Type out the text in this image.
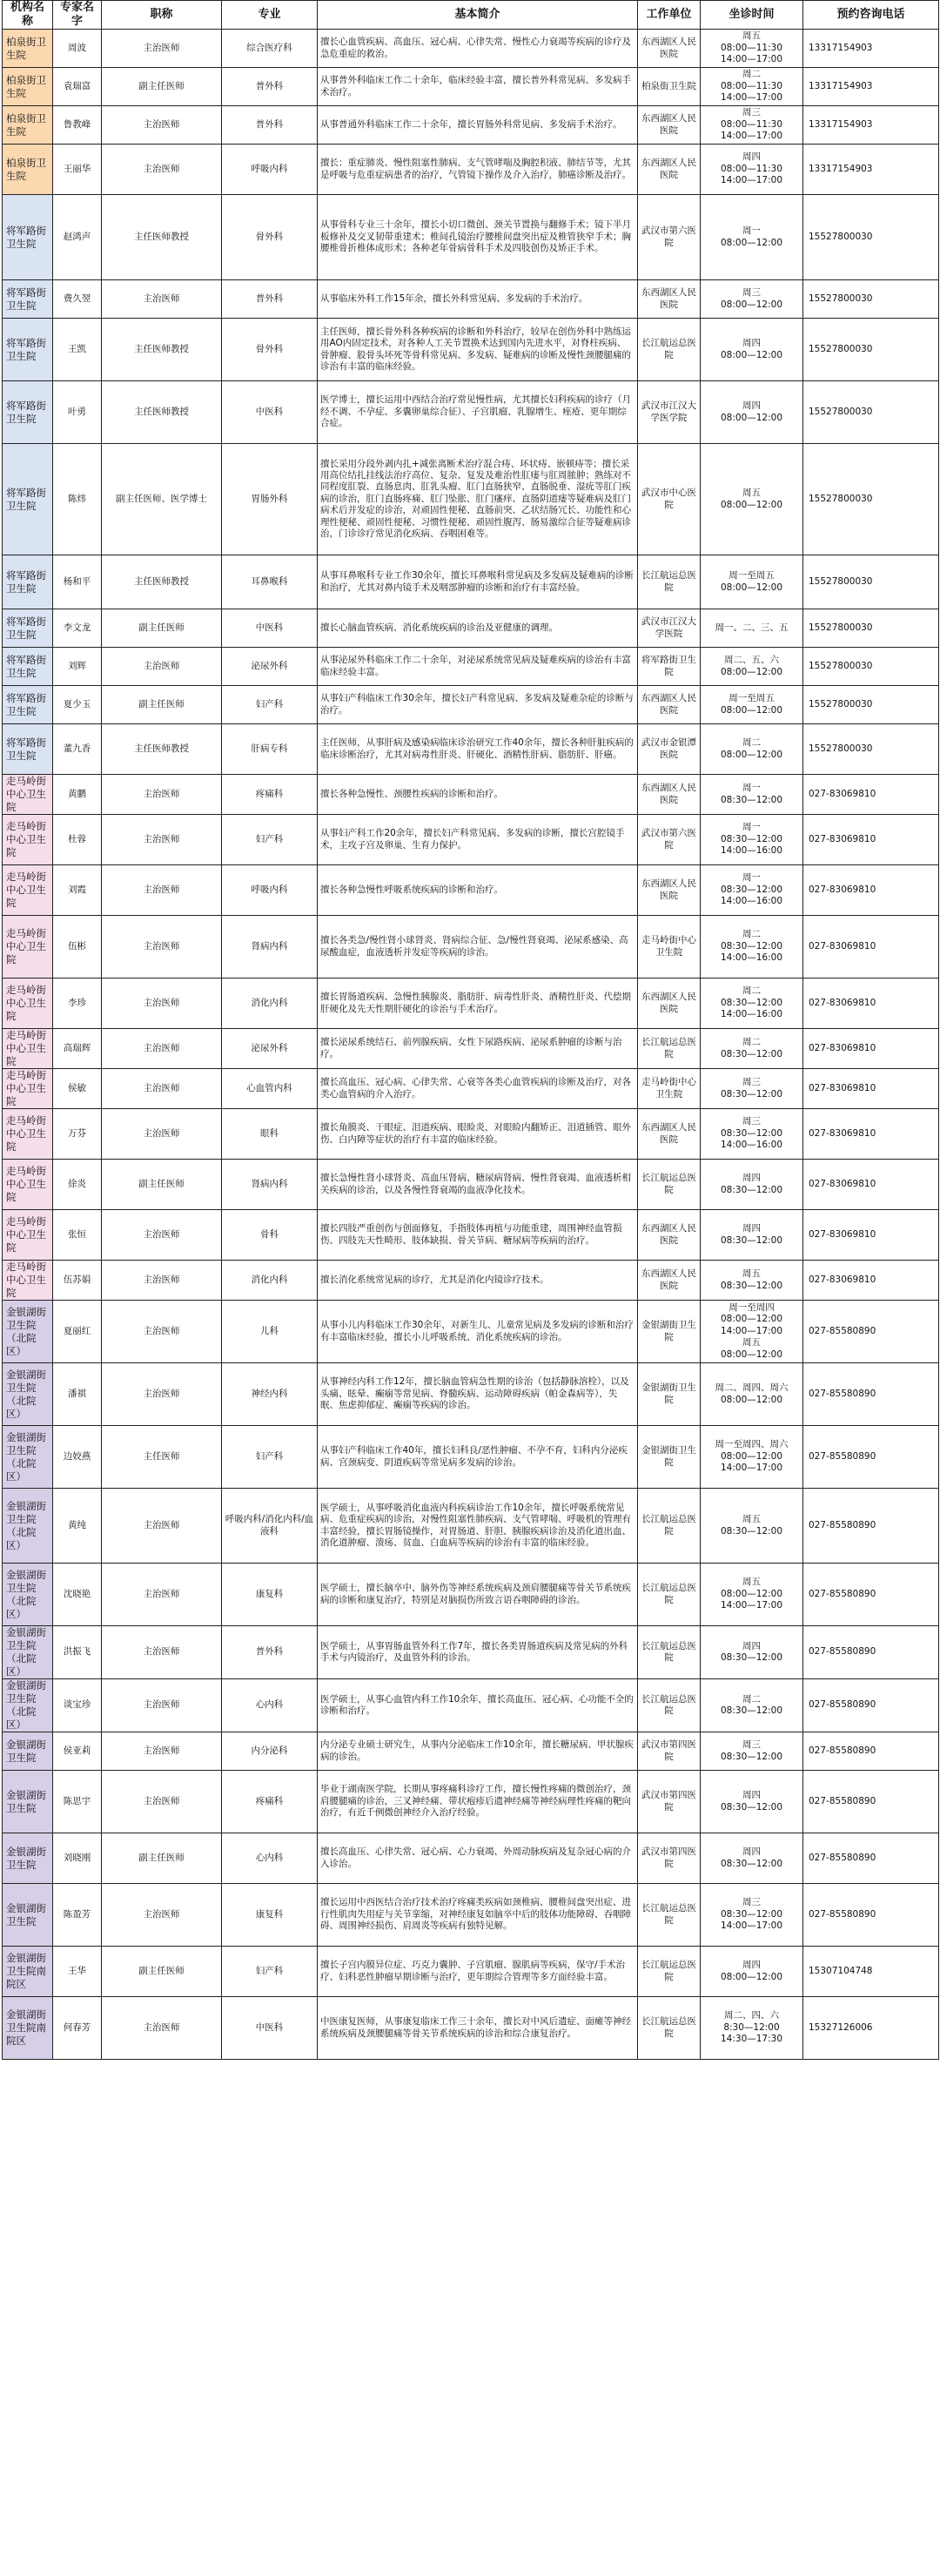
机构名称	专家名字	职称	专业	基本简介	工作单位	坐诊时间	预约咨询电话
柏泉街卫生院	周波	主治医师	综合医疗科	擅长心血管疾病、高血压、冠心病、心律失常、慢性心力衰竭等疾病的诊疗及急危重症的救治。	东西湖区人民医院	周五
08:00—11:30
14:00—17:00	13317154903
柏泉街卫生院	袁瑞富	副主任医师	普外科	从事普外科临床工作二十余年，临床经验丰富，擅长普外科常见病、多发病手术治疗。	柏泉街卫生院	周二
08:00—11:30
14:00—17:00	13317154903
柏泉街卫生院	鲁教峰	主治医师	普外科	从事普通外科临床工作二十余年，擅长胃肠外科常见病、多发病手术治疗。	东西湖区人民医院	周三
08:00—11:30
14:00—17:00	13317154903
柏泉街卫生院	王丽华	主治医师	呼吸内科	擅长：重症肺炎、慢性阻塞性肺病、支气管哮喘及胸腔积液、肺结节等，尤其是呼吸与危重症病患者的治疗，气管镜下操作及介入治疗，肺癌诊断及治疗。	东西湖区人民医院	周四
08:00—11:30
14:00—17:00	13317154903
将军路街卫生院	赵鸿声	主任医师教授	骨外科	从事骨科专业三十余年，擅长小切口微创、颈关节置换与翻修手术；镜下半月板修补及交叉韧带重建术；椎间孔镜治疗腰椎间盘突出症及椎管狭窄手术；胸腰椎骨折椎体成形术；各种老年骨病骨科手术及四肢创伤及矫正手术。	武汉市第六医院	周一
08:00—12:00	15527800030
将军路街卫生院	费久翌	主治医师	普外科	从事临床外科工作15年余，擅长外科常见病、多发病的手术治疗。	东西湖区人民医院	周三
08:00—12:00	15527800030
将军路街卫生院	王凯	主任医师教授	骨外科	主任医师，擅长骨外科各种疾病的诊断和外科治疗，较早在创伤外科中熟练运用AO内固定技术，对各种人工关节置换术达到国内先进水平，对脊柱疾病、骨肿瘤、股骨头坏死等骨科常见病、多发病、疑难病的诊断及慢性颈腰腿痛的诊治有丰富的临床经验。	长江航运总医院	周四
08:00—12:00	15527800030
将军路街卫生院	叶勇	主任医师教授	中医科	医学博士，擅长运用中西结合治疗常见慢性病，尤其擅长妇科疾病的诊疗（月经不调、不孕症、多囊卵巢综合征）、子宫肌瘤、乳腺增生、痤疮、更年期综合症。	武汉市江汉大学医学院	周四
08:00—12:00	15527800030
将军路街卫生院	陈炜	副主任医师、医学博士	胃肠外科	擅长采用分段外剥内扎+减张离断术治疗混合痔、环状痔、嵌顿痔等；擅长采用高位结扎挂线法治疗高位、复杂、复发及难治性肛瘘与肛周脓肿；熟练对不同程度肛裂、直肠息肉、肛乳头瘤、肛门直肠狭窄、直肠脱垂、湿疣等肛门疾病的诊治，肛门直肠疼痛、肛门坠胀、肛门瘙痒、直肠阴道瘘等疑难病及肛门病术后并发症的诊治，对顽固性便秘、直肠前突、乙状结肠冗长、功能性和心理性便秘、顽固性便秘、习惯性便秘、顽固性腹泻、肠易激综合征等疑难病诊治，门诊诊疗常见消化疾病、吞咽困难等。	武汉市中心医院	周五
08:00—12:00	15527800030
将军路街卫生院	杨和平	主任医师教授	耳鼻喉科	从事耳鼻喉科专业工作30余年，擅长耳鼻喉科常见病及多发病及疑难病的诊断和治疗，尤其对鼻内镜手术及咽部肿瘤的诊断和治疗有丰富经验。	长江航运总医院	周一至周五
08:00—12:00	15527800030
将军路街卫生院	李文龙	副主任医师	中医科	擅长心脑血管疾病、消化系统疾病的诊治及亚健康的调理。	武汉市江汉大学医院	周一、二、三、五	15527800030
将军路街卫生院	刘辉	主治医师	泌尿外科	从事泌尿外科临床工作二十余年，对泌尿系统常见病及疑难疾病的诊治有丰富临床经验丰富。	将军路街卫生院	周二、五、六
08:00—12:00	15527800030
将军路街卫生院	夏少玉	副主任医师	妇产科	从事妇产科临床工作30余年，擅长妇产科常见病、多发病及疑难杂症的诊断与治疗。	东西湖区人民医院	周一至周五
08:00—12:00	15527800030
将军路街卫生院	董九香	主任医师教授	肝病专科	主任医师，从事肝病及感染病临床诊治研究工作40余年，擅长各种肝脏疾病的临床诊断治疗，尤其对病毒性肝炎、肝硬化、酒精性肝病、脂肪肝、肝癌。	武汉市金银潭医院	周二
08:00—12:00	15527800030
走马岭街中心卫生院	黄鹏	主治医师	疼痛科	擅长各种急慢性、颈腰性疾病的诊断和治疗。	东西湖区人民医院	周一
08:30—12:00	027-83069810
走马岭街中心卫生院	杜蓉	主治医师	妇产科	从事妇产科工作20余年，擅长妇产科常见病、多发病的诊断，擅长宫腔镜手术，主攻子宫及卵巢、生育力保护。	武汉市第六医院	周一
08:30—12:00
14:00—16:00	027-83069810
走马岭街中心卫生院	刘霞	主治医师	呼吸内科	擅长各种急慢性呼吸系统疾病的诊断和治疗。	东西湖区人民医院	周一
08:30—12:00
14:00—16:00	027-83069810
走马岭街中心卫生院	伍彬	主治医师	肾病内科	擅长各类急/慢性肾小球肾炎、肾病综合征、急/慢性肾衰竭、泌尿系感染、高尿酸血症，血液透析并发症等疾病的诊治。	走马岭街中心卫生院	周二
08:30—12:00
14:00—16:00	027-83069810
走马岭街中心卫生院	李珍	主治医师	消化内科	擅长胃肠道疾病、急慢性胰腺炎、脂肪肝、病毒性肝炎、酒精性肝炎、代偿期肝硬化及先天性期肝硬化的诊治与手术治疗。	东西湖区人民医院	周二
08:30—12:00
14:00—16:00	027-83069810
走马岭街中心卫生院	高瑞辉	主治医师	泌尿外科	擅长泌尿系统结石、前列腺疾病、女性下尿路疾病、泌尿系肿瘤的诊断与治疗。	长江航运总医院	周二
08:30—12:00	027-83069810
走马岭街中心卫生院	侯敏	主治医师	心血管内科	擅长高血压、冠心病、心律失常、心衰等各类心血管疾病的诊断及治疗，对各类心血管病的介入治疗。	走马岭街中心卫生院	周三
08:30—12:00	027-83069810
走马岭街中心卫生院	万芬	主治医师	眼科	擅长角膜炎、干眼症、泪道疾病、眼睑炎，对眼睑内翻矫正、泪道插管、眼外伤、白内障等症状的治疗有丰富的临床经验。	东西湖区人民医院	周三
08:30—12:00
14:00—16:00	027-83069810
走马岭街中心卫生院	徐炎	副主任医师	肾病内科	擅长急慢性肾小球肾炎、高血压肾病、糖尿病肾病、慢性肾衰竭、血液透析相关疾病的诊治，以及各慢性肾衰竭的血液净化技术。	长江航运总医院	周四
08:30—12:00	027-83069810
走马岭街中心卫生院	张恒	主治医师	骨科	擅长四肢严重创伤与创面修复，手指肢体再植与功能重建，周围神经血管损伤、四肢先天性畸形、肢体缺损、骨关节病、糖尿病等疾病的治疗。	东西湖区人民医院	周四
08:30—12:00	027-83069810
走马岭街中心卫生院	伍苏娟	主治医师	消化内科	擅长消化系统常见病的诊疗，尤其是消化内镜诊疗技术。	东西湖区人民医院	周五
08:30—12:00	027-83069810
金银湖街卫生院（北院区）	夏丽红	主治医师	儿科	从事小儿内科临床工作30余年，对新生儿、儿童常见病及多发病的诊断和治疗有丰富临床经验，擅长小儿呼吸系统、消化系统疾病的诊治。	金银湖街卫生院	周一至周四
08:00—12:00
14:00—17:00
周五
08:00—12:00	027-85580890
金银湖街卫生院（北院区）	潘祺	主治医师	神经内科	从事神经内科工作12年，擅长脑血管病急性期的诊治（包括静脉溶栓），以及头痛、眩晕、癫痫等常见病、脊髓疾病、运动障碍疾病（帕金森病等），失眠、焦虑抑郁症、癫痫等疾病的诊治。	金银湖街卫生院	周二、周四、周六
08:00—12:00	027-85580890
金银湖街卫生院（北院区）	边姣燕	主任医师	妇产科	从事妇产科临床工作40年，擅长妇科良/恶性肿瘤、不孕不育，妇科内分泌疾病、宫颈病变、阴道疾病等常见病多发病的诊治。	金银湖街卫生院	周一至周四、周六
08:00—12:00
14:00—17:00	027-85580890
金银湖街卫生院（北院区）	黄纯	主治医师	呼吸内科/消化内科/血液科	医学硕士，从事呼吸消化血液内科疾病诊治工作10余年，擅长呼吸系统常见病、危重症疾病的诊治，对慢性阻塞性肺疾病、支气管哮喘、呼吸机的管理有丰富经验，擅长胃肠镜操作，对胃肠道、肝胆、胰腺疾病诊治及消化道出血、消化道肿瘤、溃疡、贫血、白血病等疾病的诊治有丰富的临床经验。	长江航运总医院	周五
08:30—12:00	027-85580890
金银湖街卫生院（北院区）	沈晓艳	主治医师	康复科	医学硕士，擅长脑卒中、脑外伤等神经系统疾病及颈肩腰腿痛等骨关节系统疾病的诊断和康复治疗，特别是对脑损伤所致言语吞咽障碍的诊治。	长江航运总医院	周五
08:00—12:00
14:00—17:00	027-85580890
金银湖街卫生院（北院区）	洪振飞	主治医师	普外科	医学硕士，从事胃肠血管外科工作7年，擅长各类胃肠道疾病及常见病的外科手术与内镜治疗，及血管外科的诊治。	长江航运总医院	周四
08:30—12:00	027-85580890
金银湖街卫生院（北院区）	谈宝珍	主治医师	心内科	医学硕士，从事心血管内科工作10余年，擅长高血压、冠心病、心功能不全的诊断和治疗。	长江航运总医院	周二
08:30—12:00	027-85580890
金银湖街卫生院	侯亚莉	主治医师	内分泌科	内分泌专业硕士研究生，从事内分泌临床工作10余年，擅长糖尿病、甲状腺疾病的诊治。	武汉市第四医院	周三
08:30—12:00	027-85580890
金银湖街卫生院	陈思宇	主治医师	疼痛科	毕业于湖南医学院，长期从事疼痛科诊疗工作，擅长慢性疼痛的微创治疗，颈肩腰腿痛的诊治，三叉神经痛、带状疱疹后遗神经痛等神经病理性疼痛的靶向治疗，有近千例微创神经介入治疗经验。	武汉市第四医院	周四
08:30—12:00	027-85580890
金银湖街卫生院	刘晓刚	副主任医师	心内科	擅长高血压、心律失常、冠心病、心力衰竭、外周动脉疾病及复杂冠心病的介入诊治。	武汉市第四医院	周四
08:30—12:00	027-85580890
金银湖街卫生院	陈盈芳	主治医师	康复科	擅长运用中西医结合治疗技术治疗疼痛类疾病如颈椎病、腰椎间盘突出症、进行性肌肉失用症与关节挛缩，对神经康复如脑卒中后的肢体功能障碍、吞咽障碍、周围神经损伤、肩周炎等疾病有独特见解。	长江航运总医院	周三
08:30—12:00
14:00—17:00	027-85580890
金银湖街卫生院南院区	王华	副主任医师	妇产科	擅长子宫内膜异位症、巧克力囊肿、子宫肌瘤、腺肌病等疾病，保守/手术治疗、妇科恶性肿瘤早期诊断与治疗，更年期综合管理等多方面经验丰富。	长江航运总医院	周四
08:00—12:00	15307104748
金银湖街卫生院南院区	何春芳	主治医师	中医科	中医康复医师，从事康复临床工作三十余年，擅长对中风后遗症、面瘫等神经系统疾病及颈腰腿痛等骨关节系统疾病的诊治和综合康复治疗。	长江航运总医院	周二、四、六
8:30—12:00
14:30—17:30	15327126006
